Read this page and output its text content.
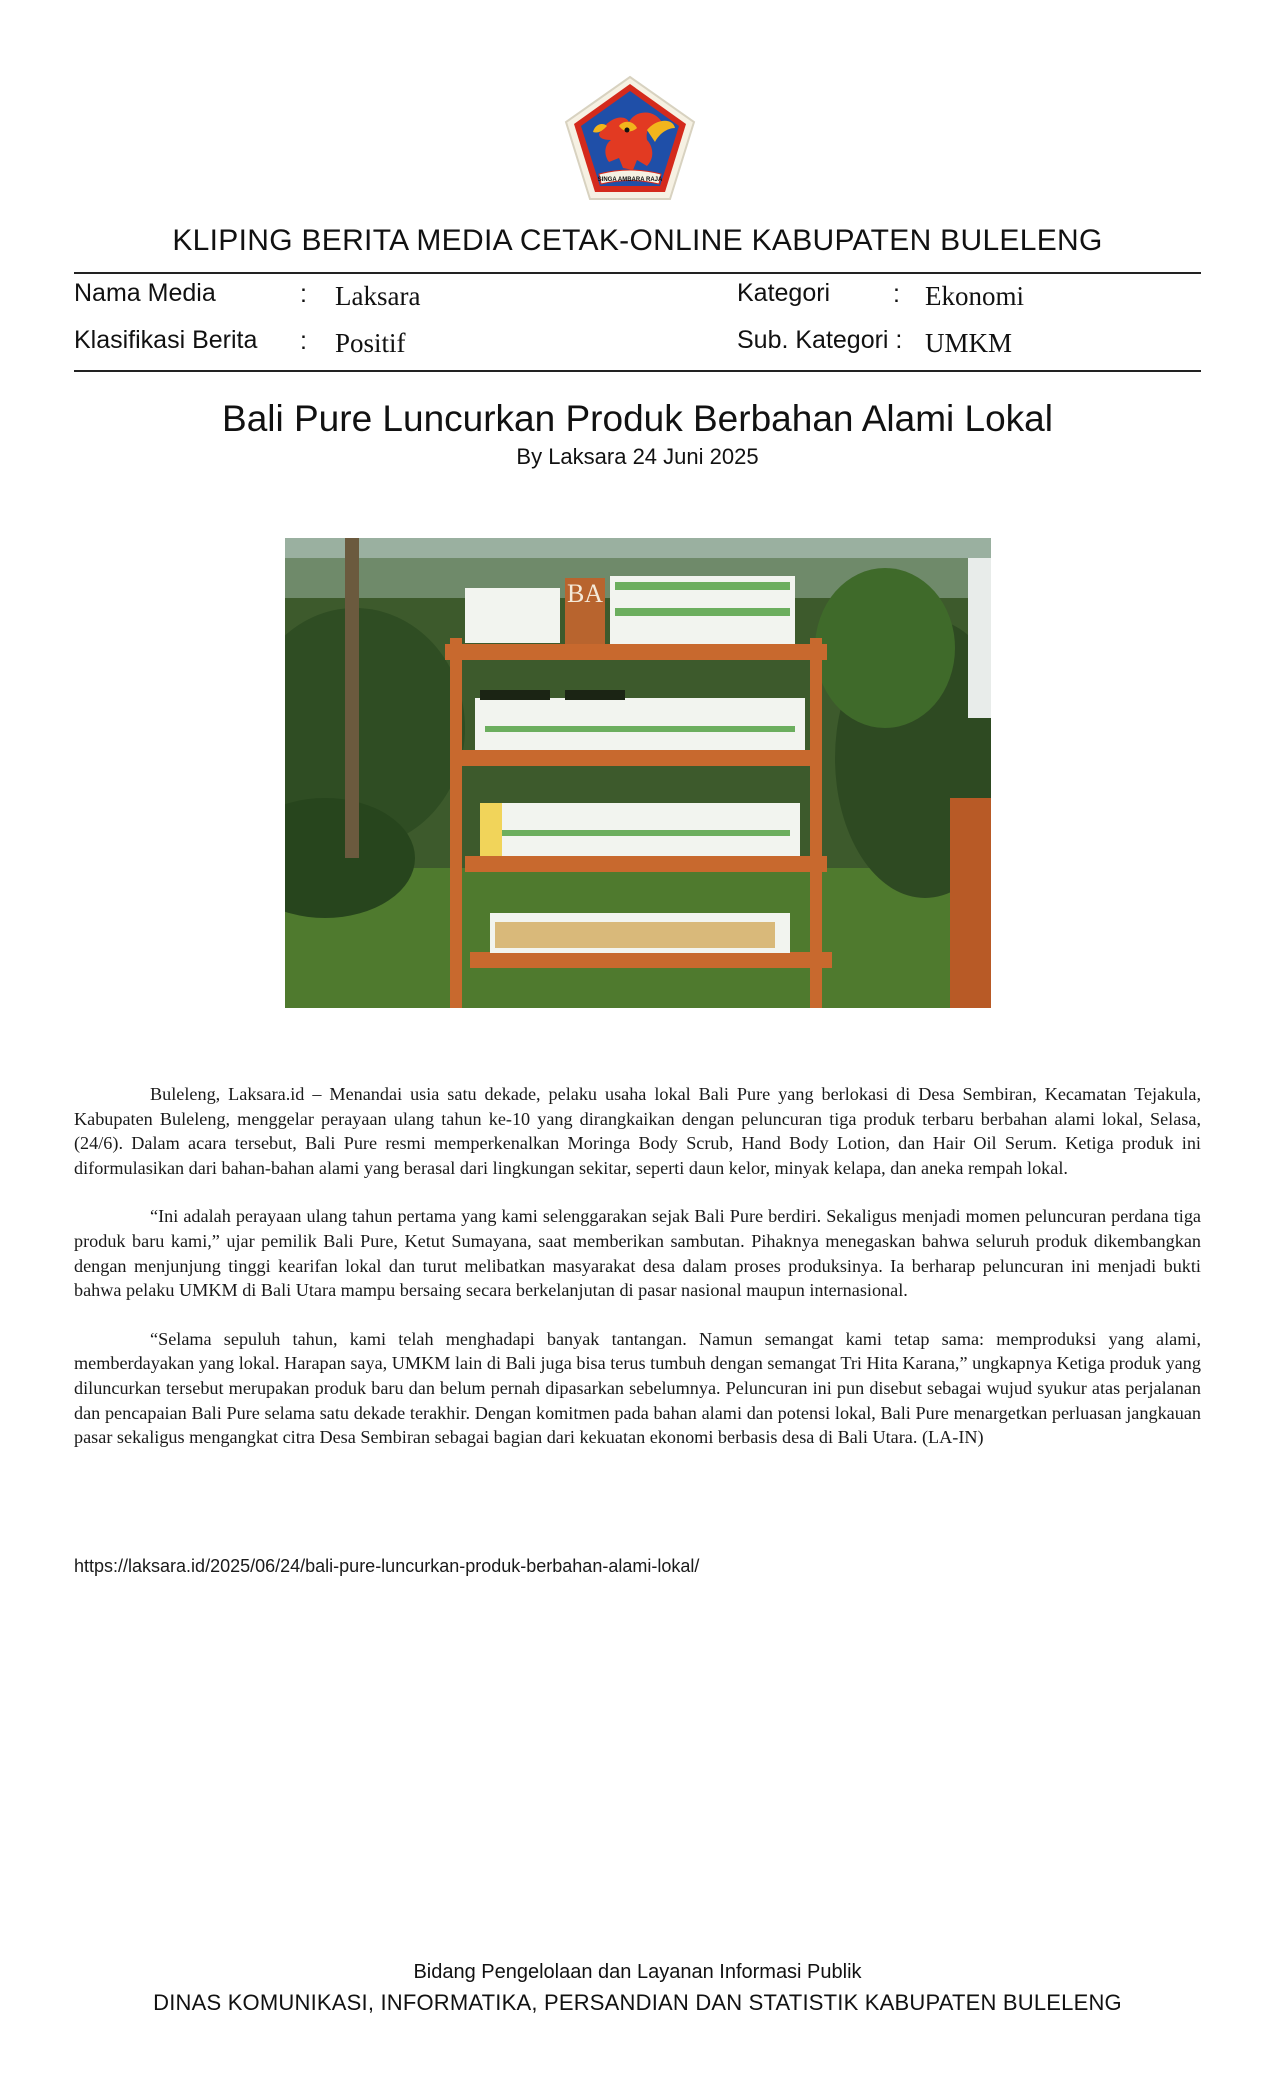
SINGA AMBARA RAJA
KLIPING BERITA MEDIA CETAK-ONLINE KABUPATEN BULELENG
Nama Media	: Laksara
Klasifikasi Berita : Positif
Kategori	: Ekonomi
Sub. Kategori : UMKM
Bali Pure Luncurkan Produk Berbahan Alami Lokal
By Laksara 24 Juni 2025
BA

Buleleng, Laksara.id – Menandai usia satu dekade, pelaku usaha lokal Bali Pure yang berlokasi di Desa Sembiran, Kecamatan Tejakula, Kabupaten Buleleng, menggelar perayaan ulang tahun ke-10 yang dirangkaikan dengan peluncuran tiga produk terbaru berbahan alami lokal, Selasa, (24/6). Dalam acara tersebut, Bali Pure resmi memperkenalkan Moringa Body Scrub, Hand Body Lotion, dan Hair Oil Serum. Ketiga produk ini diformulasikan dari bahan-bahan alami yang berasal dari lingkungan sekitar, seperti daun kelor, minyak kelapa, dan aneka rempah lokal.

“Ini adalah perayaan ulang tahun pertama yang kami selenggarakan sejak Bali Pure berdiri. Sekaligus menjadi momen peluncuran perdana tiga produk baru kami,” ujar pemilik Bali Pure, Ketut Sumayana, saat memberikan sambutan. Pihaknya menegaskan bahwa seluruh produk dikembangkan dengan menjunjung tinggi kearifan lokal dan turut melibatkan masyarakat desa dalam proses produksinya. Ia berharap peluncuran ini menjadi bukti bahwa pelaku UMKM di Bali Utara mampu bersaing secara berkelanjutan di pasar nasional maupun internasional.

“Selama sepuluh tahun, kami telah menghadapi banyak tantangan. Namun semangat kami tetap sama: memproduksi yang alami, memberdayakan yang lokal. Harapan saya, UMKM lain di Bali juga bisa terus tumbuh dengan semangat Tri Hita Karana,” ungkapnya Ketiga produk yang diluncurkan tersebut merupakan produk baru dan belum pernah dipasarkan sebelumnya. Peluncuran ini pun disebut sebagai wujud syukur atas perjalanan dan pencapaian Bali Pure selama satu dekade terakhir. Dengan komitmen pada bahan alami dan potensi lokal, Bali Pure menargetkan perluasan jangkauan pasar sekaligus mengangkat citra Desa Sembiran sebagai bagian dari kekuatan ekonomi berbasis desa di Bali Utara. (LA-IN)

https://laksara.id/2025/06/24/bali-pure-luncurkan-produk-berbahan-alami-lokal/
Bidang Pengelolaan dan Layanan Informasi Publik
DINAS KOMUNIKASI, INFORMATIKA, PERSANDIAN DAN STATISTIK KABUPATEN BULELENG
